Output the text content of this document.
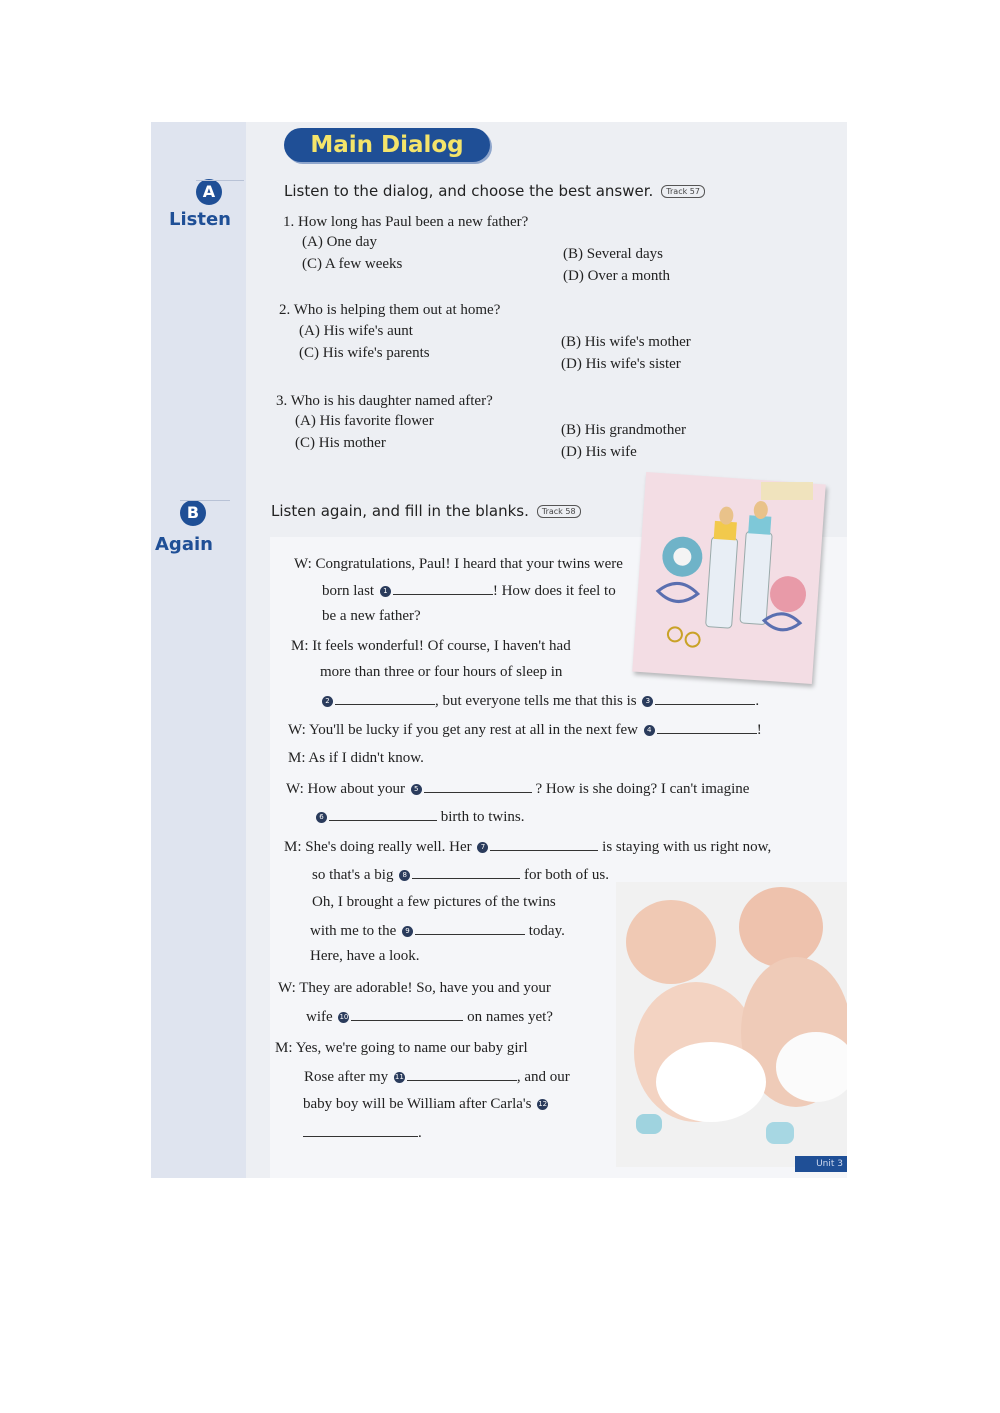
Main Dialog
A
Listen
Listen to the dialog, and choose the best answer. Track 57
1. How long has Paul been a new father?
(A) One day
(B) Several days
(C) A few weeks
(D) Over a month
2. Who is helping them out at home?
(A) His wife's aunt
(B) His wife's mother
(C) His wife's parents
(D) His wife's sister
3. Who is his daughter named after?
(A) His favorite flower
(B) His grandmother
(C) His mother
(D) His wife
B
Again
Listen again, and fill in the blanks. Track 58
W: Congratulations, Paul! I heard that your twins were
born last 1	! How does it feel to
be a new father?
M: It feels wonderful! Of course, I haven't had
more than three or four hours of sleep in
2	, but everyone tells me that this is 3	.
W: You'll be lucky if you get any rest at all in the next few 4	!
M: As if I didn't know.
W: How about your 5	? How is she doing? I can't imagine
6	birth to twins.
M: She's doing really well. Her 7	is staying with us right now,
so that's a big 8	for both of us.
Oh, I brought a few pictures of the twins
with me to the 9	today.
Here, have a look.
W: They are adorable! So, have you and your
wife 10	on names yet?
M: Yes, we're going to name our baby girl
Rose after my 11	, and our
baby boy will be William after Carla's 12
.
Unit 3
